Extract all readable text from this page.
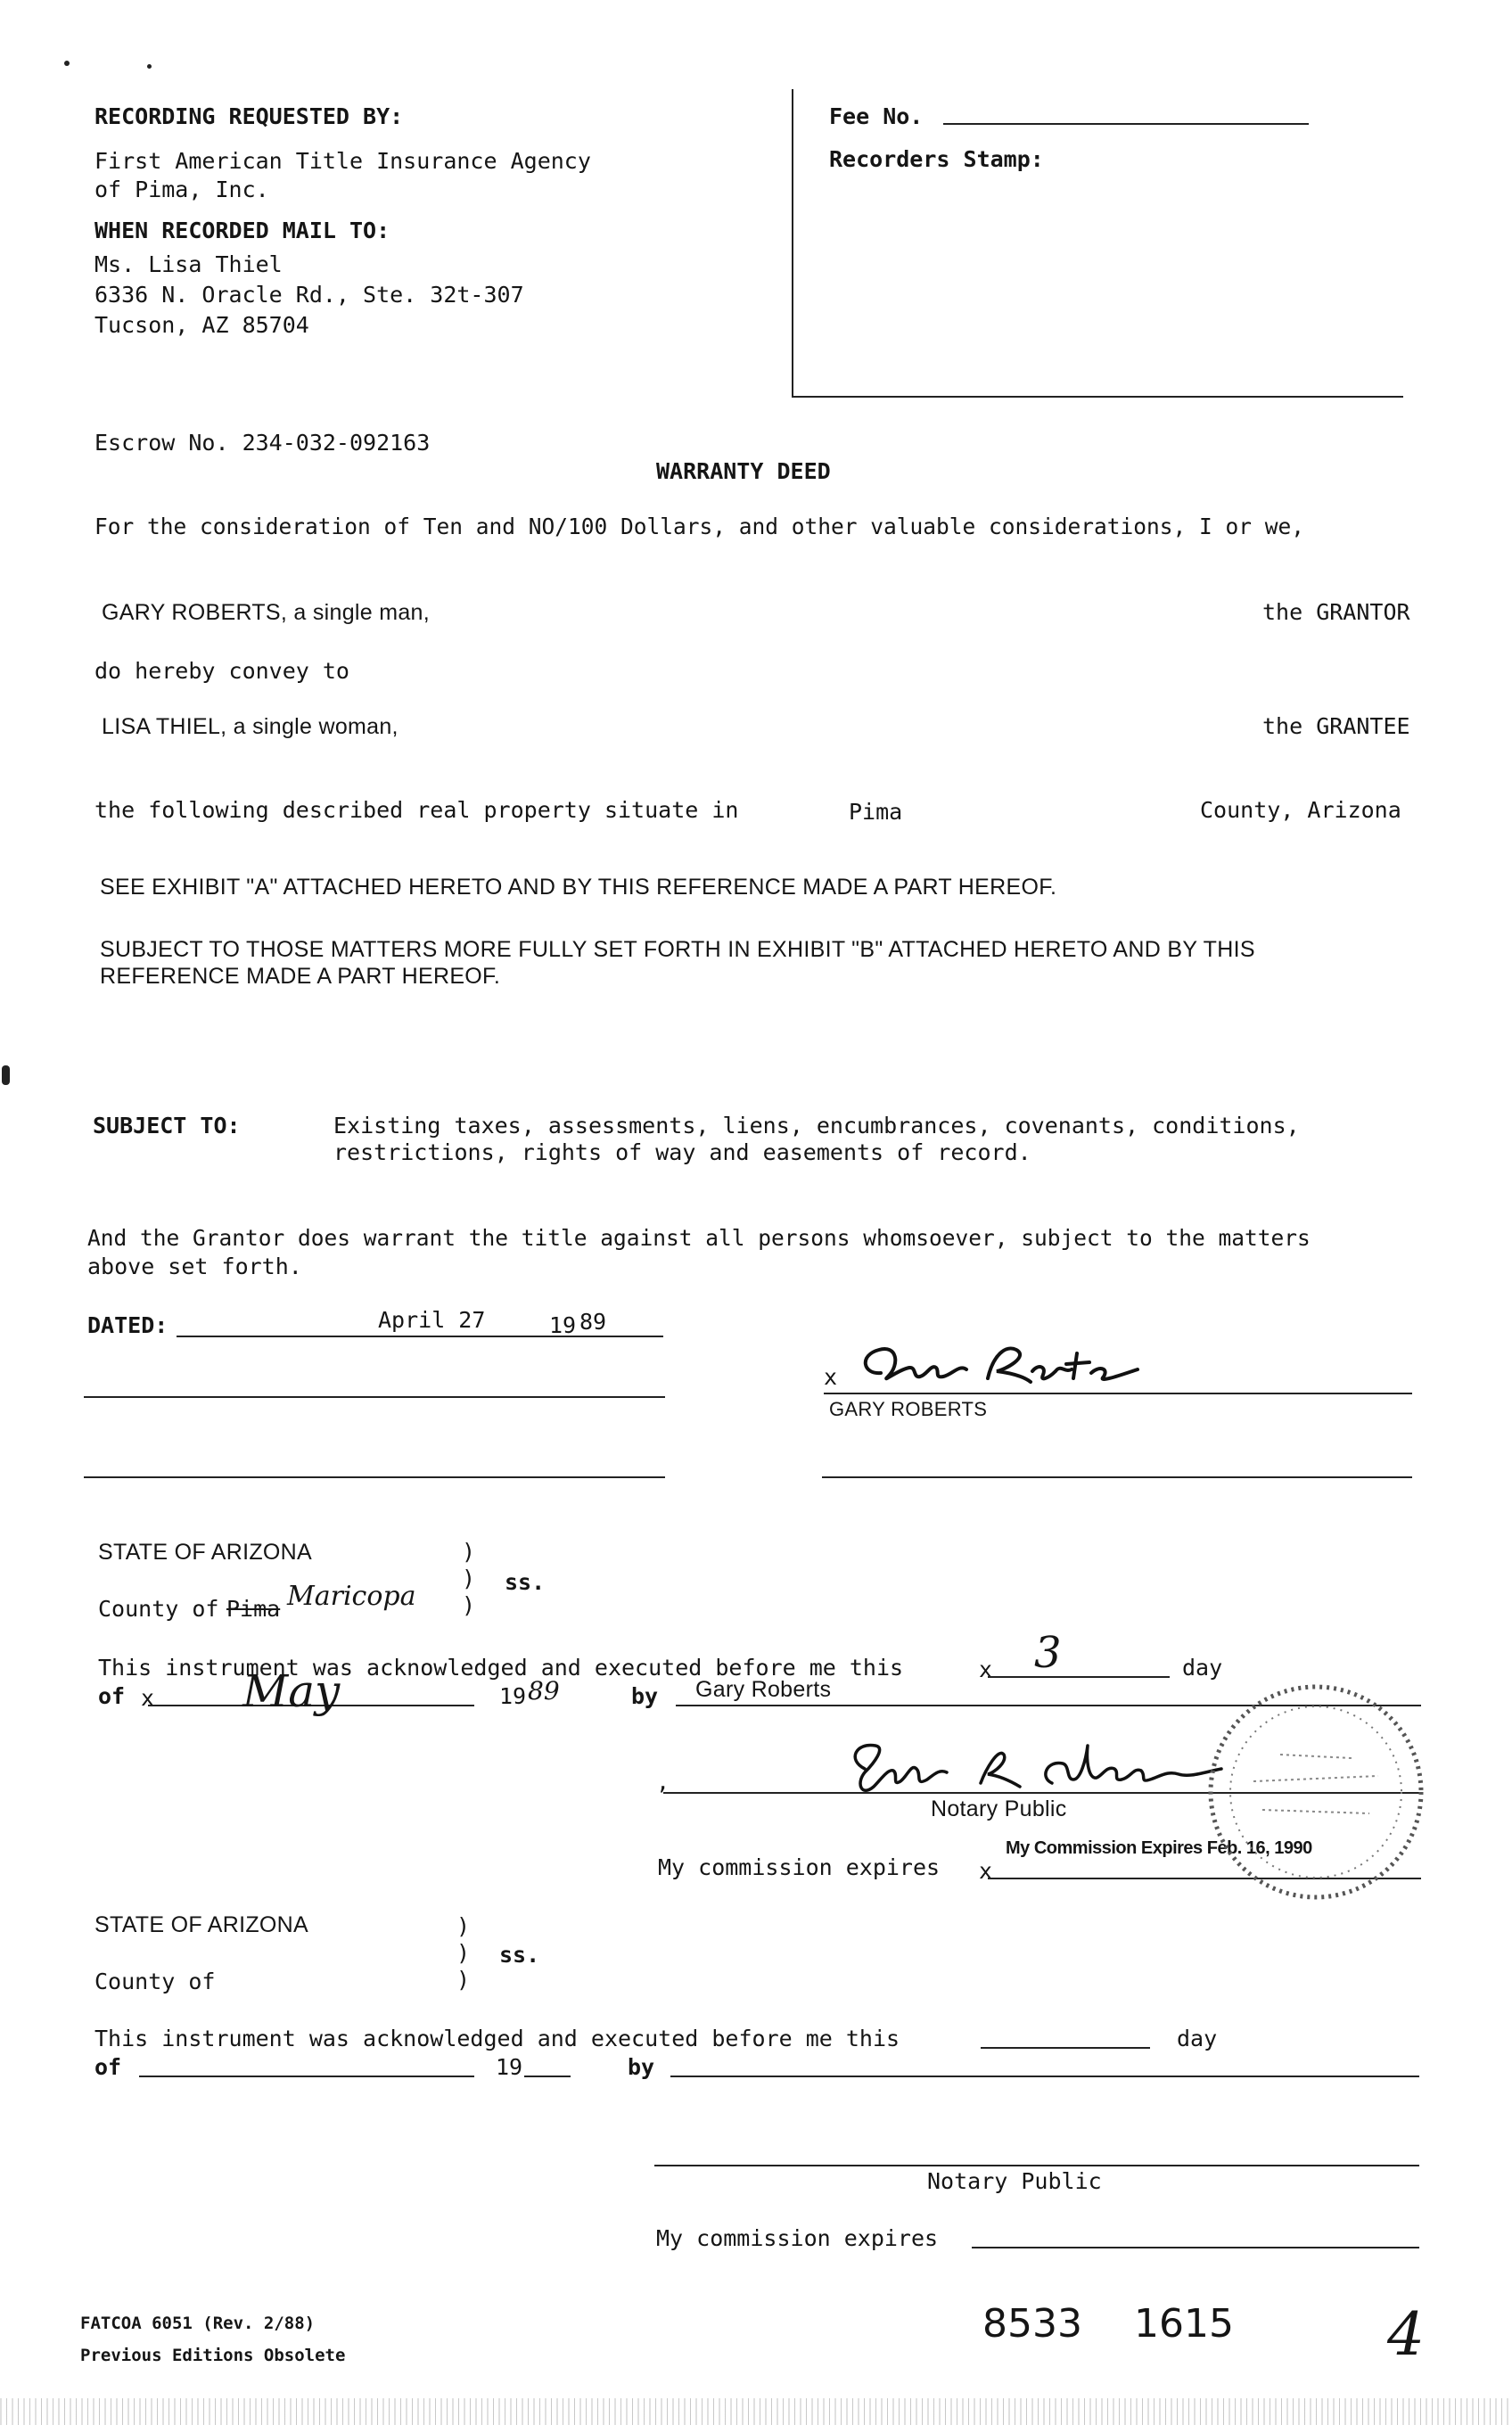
RECORDING REQUESTED BY:
First American Title Insurance Agency
of Pima, Inc.
WHEN RECORDED MAIL TO:
Ms. Lisa Thiel
6336 N. Oracle Rd., Ste. 32t-307
Tucson, AZ 85704
Fee No.
Recorders Stamp:
Escrow No. 234-032-092163
WARRANTY DEED
For the consideration of Ten and NO/100 Dollars, and other valuable considerations, I or we,
GARY ROBERTS, a single man,	the GRANTOR
do hereby convey to
LISA THIEL, a single woman,	the GRANTEE
the following described real property situate in	Pima	County, Arizona
SEE EXHIBIT "A" ATTACHED HERETO AND BY THIS REFERENCE MADE A PART HEREOF.
SUBJECT TO THOSE MATTERS MORE FULLY SET FORTH IN EXHIBIT "B" ATTACHED HERETO AND BY THIS
REFERENCE MADE A PART HEREOF.
SUBJECT TO:	Existing taxes, assessments, liens, encumbrances, covenants, conditions,
restrictions, rights of way and easements of record.
And the Grantor does warrant the title against all persons whomsoever, subject to the matters
above set forth.
DATED:	April 27	19 89
x
GARY ROBERTS
STATE OF ARIZONA	)
)
)
ss.
County of Pima Maricopa
This instrument was acknowledged and executed before me this	x 3	day
of x May	19 89	by Gary Roberts
,
Notary Public
My commission expires x
My Commission Expires Feb. 16, 1990
STATE OF ARIZONA	)
)
)
ss.
County of
This instrument was acknowledged and executed before me this	day
of	19	by
Notary Public
My commission expires
FATCOA 6051 (Rev. 2/88)
Previous Editions Obsolete
8533 1615	4
